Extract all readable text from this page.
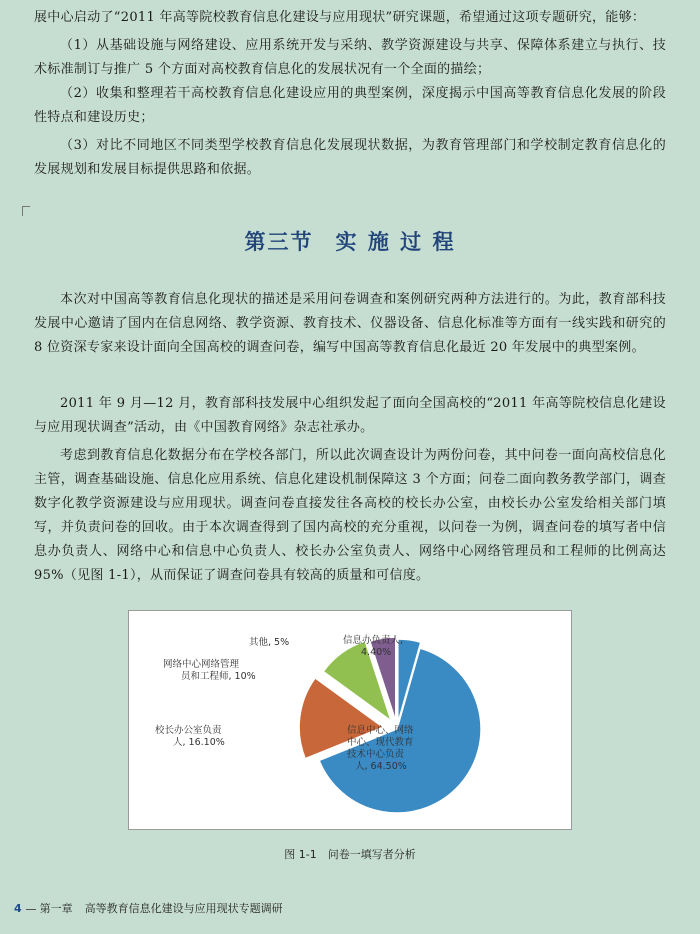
展中心启动了“2011 年高等院校教育信息化建设与应用现状”研究课题，希望通过这项专题研究，能够：

（1）从基础设施与网络建设、应用系统开发与采纳、教学资源建设与共享、保障体系建立与执行、技术标准制订与推广 5 个方面对高校教育信息化的发展状况有一个全面的描绘；

（2）收集和整理若干高校教育信息化建设应用的典型案例，深度揭示中国高等教育信息化发展的阶段性特点和建设历史；

（3）对比不同地区不同类型学校教育信息化发展现状数据，为教育管理部门和学校制定教育信息化的发展规划和发展目标提供思路和依据。

第三节 实 施 过 程

本次对中国高等教育信息化现状的描述是采用问卷调查和案例研究两种方法进行的。为此，教育部科技发展中心邀请了国内在信息网络、教学资源、教育技术、仪器设备、信息化标准等方面有一线实践和研究的 8 位资深专家来设计面向全国高校的调查问卷，编写中国高等教育信息化最近 20 年发展中的典型案例。

2011 年 9 月—12 月，教育部科技发展中心组织发起了面向全国高校的“2011 年高等院校信息化建设与应用现状调查”活动，由《中国教育网络》杂志社承办。

考虑到教育信息化数据分布在学校各部门，所以此次调查设计为两份问卷，其中问卷一面向高校信息化主管，调查基础设施、信息化应用系统、信息化建设机制保障这 3 个方面；问卷二面向教务教学部门，调查数字化教学资源建设与应用现状。调查问卷直接发往各高校的校长办公室，由校长办公室发给相关部门填写，并负责问卷的回收。由于本次调查得到了国内高校的充分重视，以问卷一为例，调查问卷的填写者中信息办负责人、网络中心和信息中心负责人、校长办公室负责人、网络中心网络管理员和工程师的比例高达 95%（见图 1-1），从而保证了调查问卷具有较高的质量和可信度。

信息中心、网络中心、现代教育技术中心负责人, 64.50%
校长办公室负责人, 16.10%
网络中心网络管理员和工程师, 10%
其他, 5%	信息办负责人, 4.40%
图 1-1　问卷一填写者分析
4 第一章 高等教育信息化建设与应用现状专题调研
